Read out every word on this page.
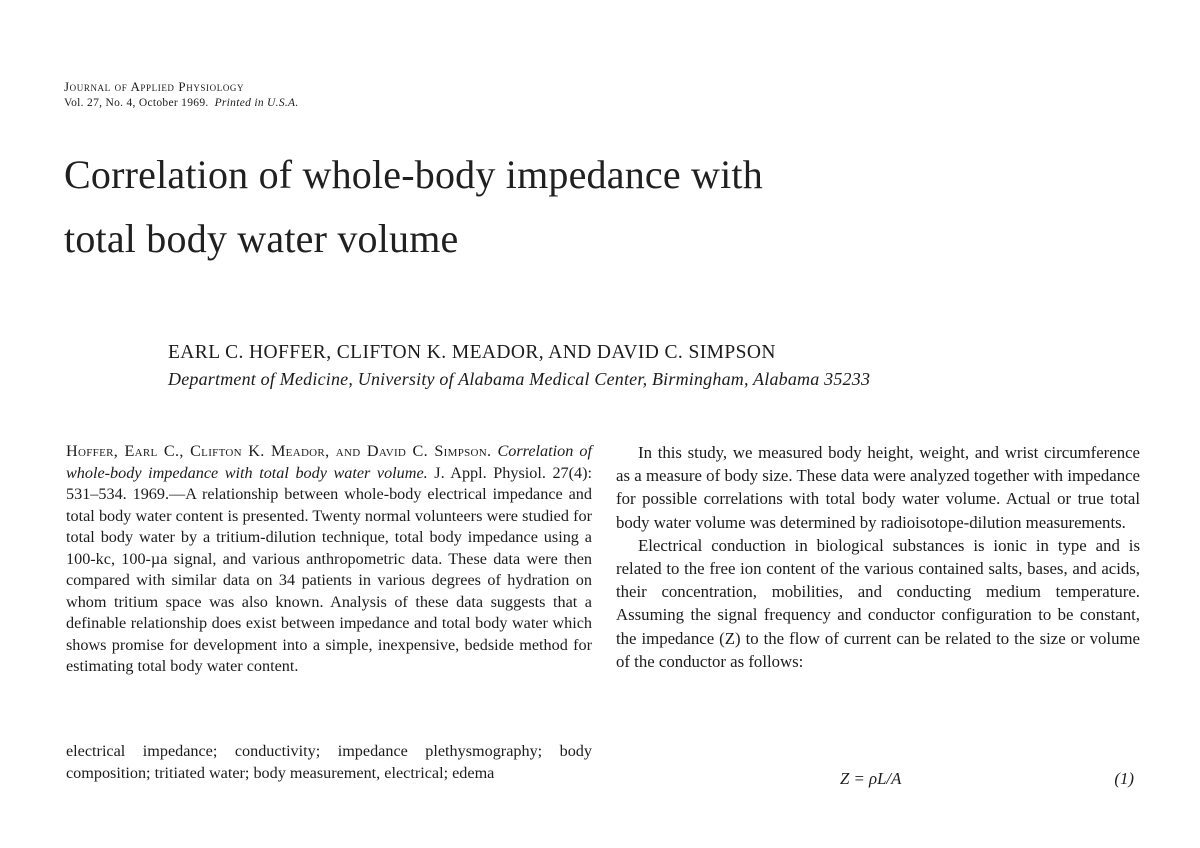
Journal of Applied Physiology
Vol. 27, No. 4, October 1969. Printed in U.S.A.
Correlation of whole-body impedance with total body water volume
EARL C. HOFFER, CLIFTON K. MEADOR, AND DAVID C. SIMPSON
Department of Medicine, University of Alabama Medical Center, Birmingham, Alabama 35233
Hoffer, Earl C., Clifton K. Meador, and David C. Simpson. Correlation of whole-body impedance with total body water volume. J. Appl. Physiol. 27(4): 531–534. 1969.—A relationship between whole-body electrical impedance and total body water content is presented. Twenty normal volunteers were studied for total body water by a tritium-dilution technique, total body impedance using a 100-kc, 100-µa signal, and various anthropometric data. These data were then compared with similar data on 34 patients in various degrees of hydration on whom tritium space was also known. Analysis of these data suggests that a definable relationship does exist between impedance and total body water which shows promise for development into a simple, inexpensive, bedside method for estimating total body water content.
electrical impedance; conductivity; impedance plethysmography; body composition; tritiated water; body measurement, electrical; edema

In this study, we measured body height, weight, and wrist circumference as a measure of body size. These data were analyzed together with impedance for possible correlations with total body water volume. Actual or true total body water volume was determined by radioisotope-dilution measurements.

Electrical conduction in biological substances is ionic in type and is related to the free ion content of the various contained salts, bases, and acids, their concentration, mobilities, and conducting medium temperature. Assuming the signal frequency and conductor configuration to be constant, the impedance (Z) to the flow of current can be related to the size or volume of the conductor as follows:

Z = ρL/A	(1)
